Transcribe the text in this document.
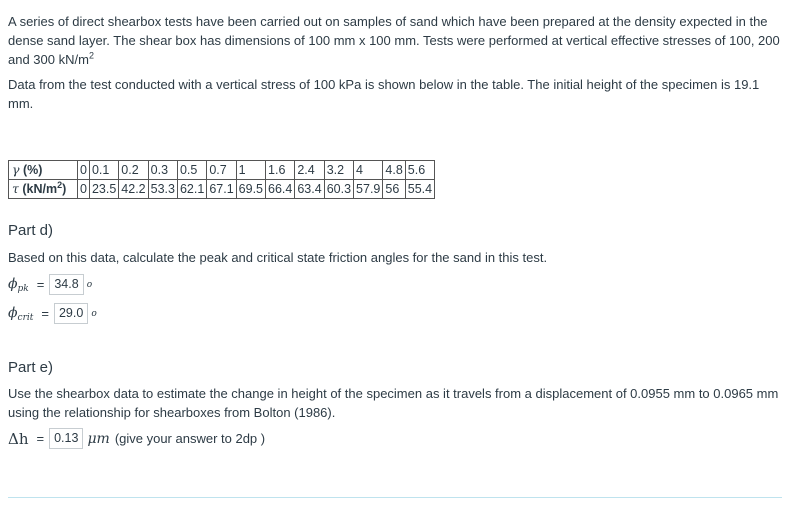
A series of direct shearbox tests have been carried out on samples of sand which have been prepared at the density expected in the dense sand layer. The shear box has dimensions of 100 mm x 100 mm. Tests were performed at vertical effective stresses of 100, 200 and 300 $kN/m^2$

Data from the test conducted with a vertical stress of 100 kPa is shown below in the table. The initial height of the specimen is 19.1 mm.

γ (%)	0	0.1	0.2	0.3	0.5	0.7	1	1.6	2.4	3.2	4	4.8	5.6
τ $(kN/m^2)$	0	23.5	42.2	53.3	62.1	67.1	69.5	66.4	63.4	60.3	57.9	56	55.4
Part d)
Based on this data, calculate the peak and critical state friction angles for the sand in this test.
$\phi_{pk} = 34.8$ o
$\phi_{crit} = 29.0$ o
Part e)
Use the shearbox data to estimate the change in height of the specimen as it travels from a displacement of 0.0955 mm to 0.0965 mm using the relationship for shearboxes from Bolton (1986).
Δh = 0.13 μm (give your answer to 2dp )
